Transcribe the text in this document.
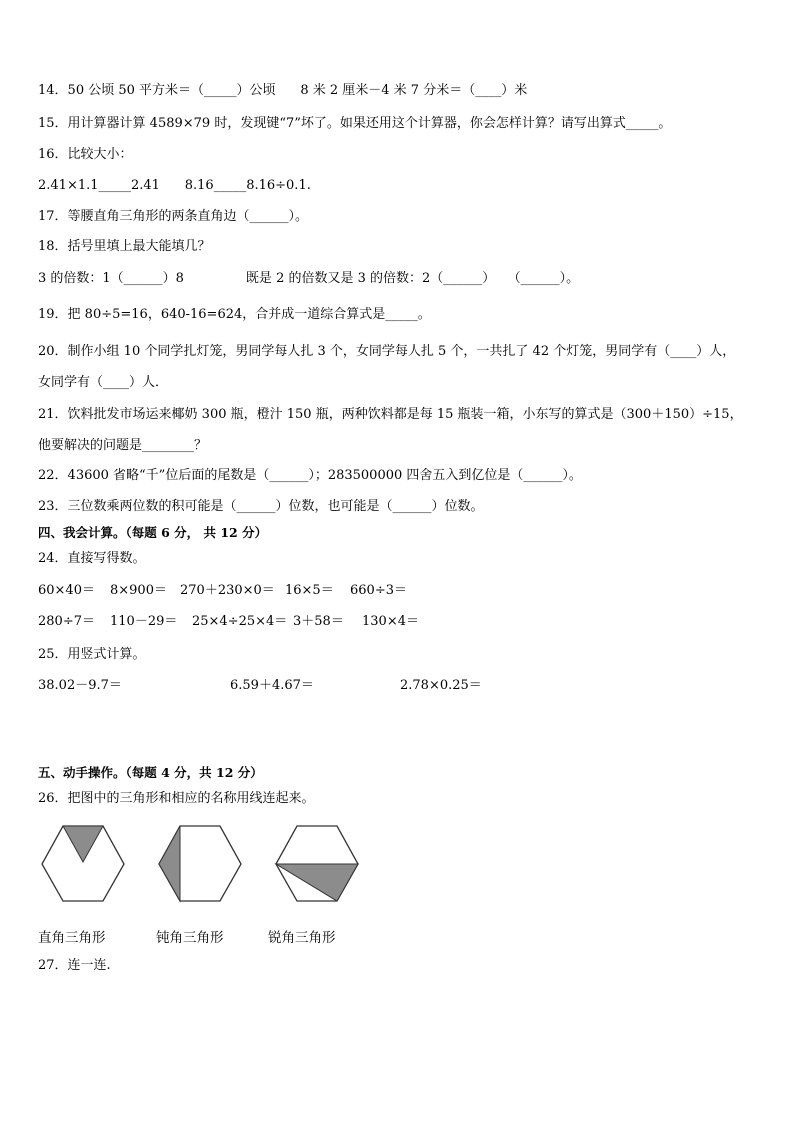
14．50 公顷 50 平方米＝（_____）公顷      8 米 2 厘米－4 米 7 分米＝（____）米
15．用计算器计算 4589×79 时，发现键“7”坏了。如果还用这个计算器，你会怎样计算？请写出算式_____。
16．比较大小：
2.41×1.1_____2.41      8.16_____8.16÷0.1.
17．等腰直角三角形的两条直角边（______）。
18．括号里填上最大能填几？
3 的倍数：1（______）8               既是 2 的倍数又是 3 的倍数：2（______）   （______）。
19．把 80÷5=16，640-16=624，合并成一道综合算式是_____。
20．制作小组 10 个同学扎灯笼，男同学每人扎 3 个，女同学每人扎 5 个，一共扎了 42 个灯笼，男同学有（____）人，
女同学有（____）人．
21．饮料批发市场运来椰奶 300 瓶，橙汁 150 瓶，两种饮料都是每 15 瓶装一箱，小东写的算式是（300＋150）÷15，
他要解决的问题是________？
22．43600 省略“千”位后面的尾数是（______）；283500000 四舍五入到亿位是（______）。
23．三位数乘两位数的积可能是（______）位数，也可能是（______）位数。
四、我会计算。（每题 6 分， 共 12 分）
24．直接写得数。
60×40＝ 8×900＝ 270＋230×0＝ 16×5＝ 660÷3＝
280÷7＝ 110－29＝ 25×4÷25×4＝ 3＋58＝ 130×4＝
25．用竖式计算。
38.02－9.7＝	6.59＋4.67＝	2.78×0.25＝
五、动手操作。（每题 4 分，共 12 分）
26．把图中的三角形和相应的名称用线连起来。
直角三角形	钝角三角形	锐角三角形
27．连一连.
